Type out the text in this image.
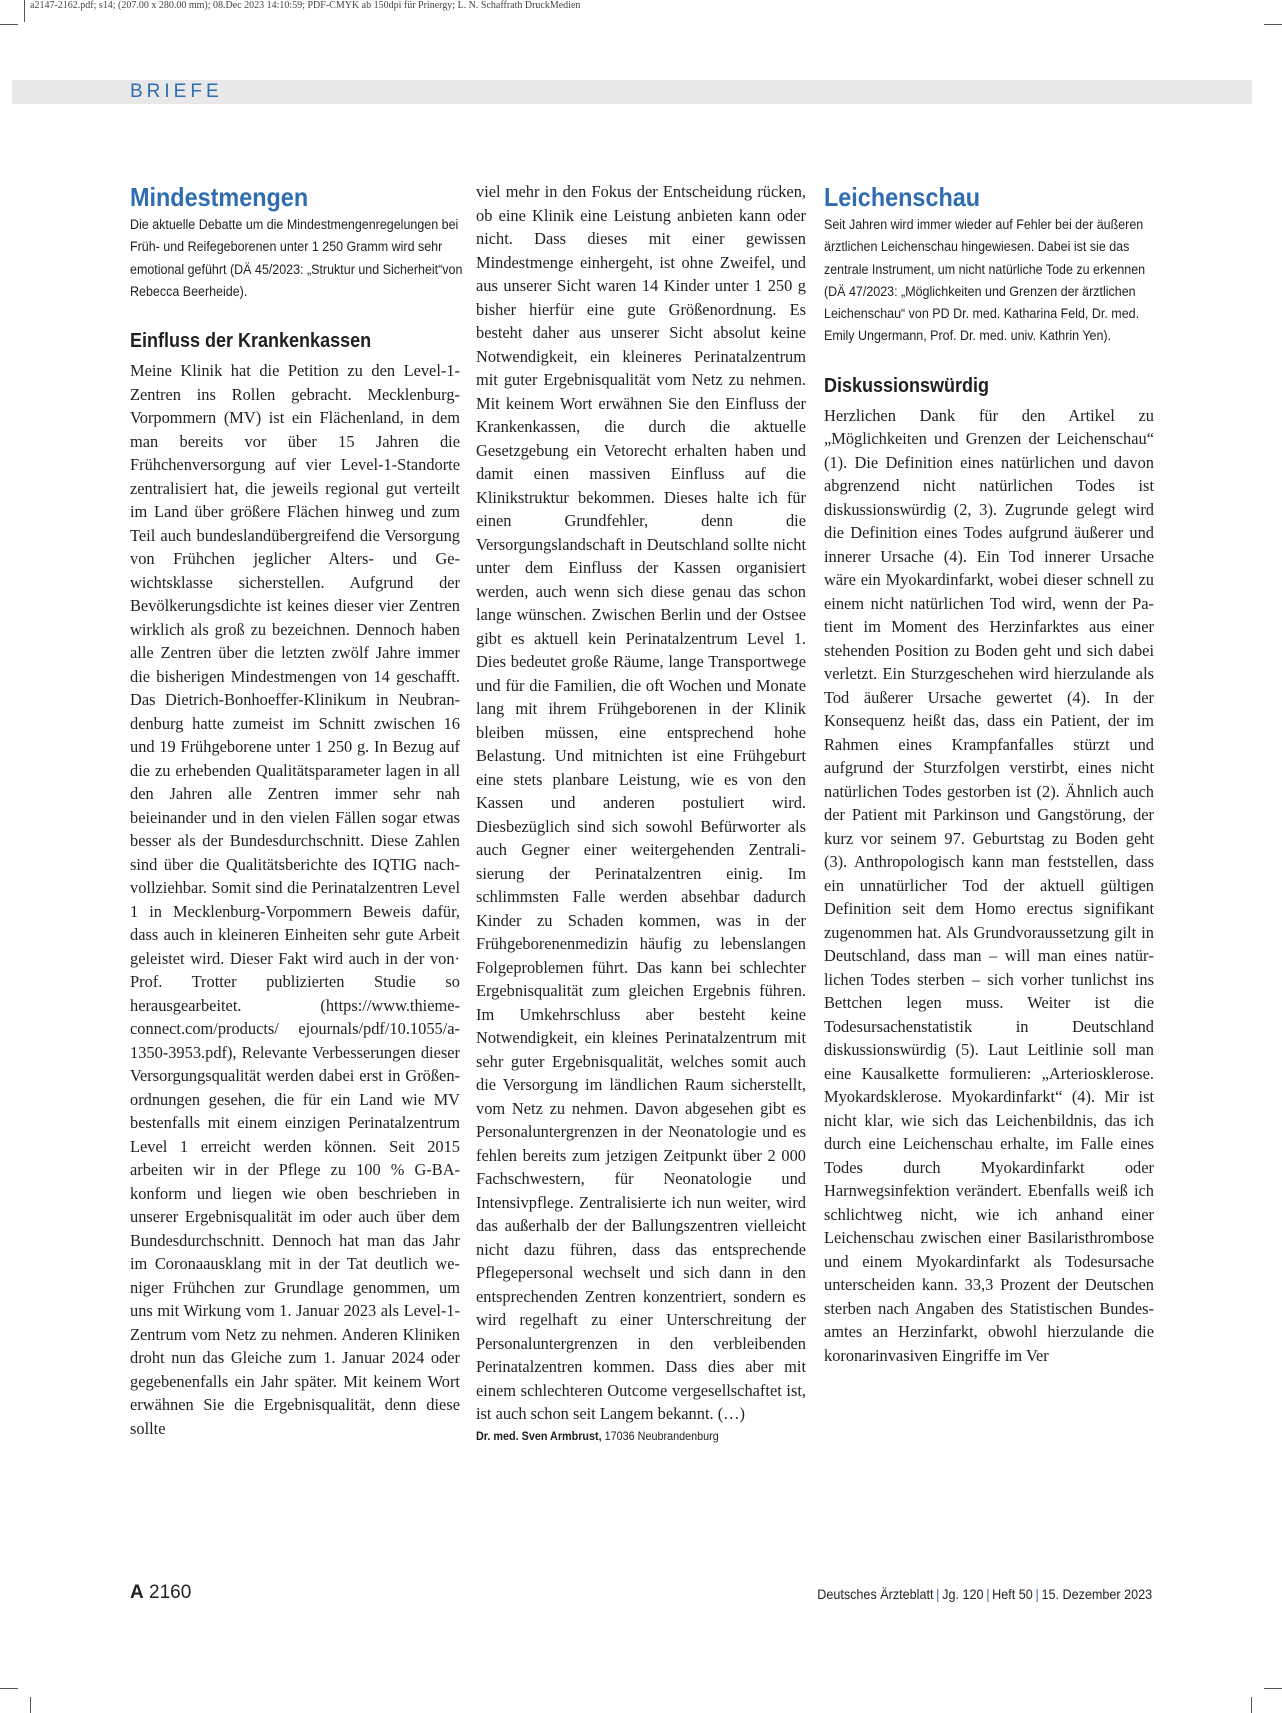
a2147-2162.pdf; s14; (207.00 x 280.00 mm); 08.Dec 2023 14:10:59; PDF-CMYK ab 150dpi für Prinergy; L. N. Schaffrath DruckMedien
BRIEFE
Mindestmengen

Die aktuelle Debatte um die Mindestmengenregelungen bei Früh- und Reifegeborenen unter 1 250 Gramm wird sehr emotional geführt (DÄ 45/2023: „Struktur und Sicherheit“von Rebecca Beerheide).

Einfluss der Krankenkassen

Meine Klinik hat die Petition zu den Level-1-Zentren ins Rollen gebracht. Mecklenburg-Vorpommern (MV) ist ein Flächenland, in dem man bereits vor über 15 Jahren die Frühchenversorgung auf vier Level-1-Standorte zentralisiert hat, die jeweils regional gut verteilt im Land über größere Flächen hinweg und zum Teil auch bundeslandübergreifend die Versorgung von Frühchen jeglicher Alters- und Gewichtsklasse sicherstellen. Aufgrund der Bevölkerungsdichte ist keines dieser vier Zentren wirklich als groß zu bezeichnen. Dennoch haben alle Zentren über die letzten zwölf Jahre immer die bisherigen Mindestmengen von 14 geschafft. Das Dietrich-Bonhoeffer-Klinikum in Neubrandenburg hatte zumeist im Schnitt zwischen 16 und 19 Frühgeborene unter 1 250 g. In Bezug auf die zu erhebenden Qualitätsparameter lagen in all den Jahren alle Zentren immer sehr nah beieinander und in den vielen Fällen sogar etwas besser als der Bundesdurchschnitt. Diese Zahlen sind über die Qualitätsberichte des IQTIG nachvollziehbar. Somit sind die Perinatalzentren Level 1 in Mecklenburg-Vorpommern Beweis dafür, dass auch in kleineren Einheiten sehr gute Arbeit geleistet wird. Dieser Fakt wird auch in der von· Prof. Trotter publizierten Studie so herausgearbeitet. (https://www.thieme-connect.com/products/ ejournals/pdf/10.1055/a-1350-3953.pdf), Relevante Verbesserungen dieser Versorgungsqualität werden dabei erst in Größenordnungen gesehen, die für ein Land wie MV bestenfalls mit einem einzigen Perinatalzentrum Level 1 erreicht werden können. Seit 2015 arbeiten wir in der Pflege zu 100 % G-BA-konform und liegen wie oben beschrieben in unserer Ergebnisqualität im oder auch über dem Bundesdurchschnitt. Dennoch hat man das Jahr im Coronaausklang mit in der Tat deutlich weniger Frühchen zur Grundlage genommen, um uns mit Wirkung vom 1. Januar 2023 als Level-1-Zentrum vom Netz zu nehmen. Anderen Kliniken droht nun das Gleiche zum 1. Januar 2024 oder gegebenenfalls ein Jahr später. Mit keinem Wort erwähnen Sie die Ergebnisqualität, denn diese sollte

viel mehr in den Fokus der Entscheidung rücken, ob eine Klinik eine Leistung anbieten kann oder nicht. Dass dieses mit einer gewissen Mindestmenge einhergeht, ist ohne Zweifel, und aus unserer Sicht waren 14 Kinder unter 1 250 g bisher hierfür eine gute Größenordnung. Es besteht daher aus unserer Sicht absolut keine Notwendigkeit, ein kleineres Perinatalzentrum mit guter Ergebnisqualität vom Netz zu nehmen. Mit keinem Wort erwähnen Sie den Einfluss der Krankenkassen, die durch die aktuelle Gesetzgebung ein Vetorecht erhalten haben und damit einen massiven Einfluss auf die Klinikstruktur bekommen. Dieses halte ich für einen Grundfehler, denn die Versorgungslandschaft in Deutschland sollte nicht unter dem Einfluss der Kassen organisiert werden, auch wenn sich diese genau das schon lange wünschen. Zwischen Berlin und der Ostsee gibt es aktuell kein Perinatalzentrum Level 1. Dies bedeutet große Räume, lange Transportwege und für die Familien, die oft Wochen und Monate lang mit ihrem Frühgeborenen in der Klinik bleiben müssen, eine entsprechend hohe Belastung. Und mitnichten ist eine Frühgeburt eine stets planbare Leistung, wie es von den Kassen und anderen postuliert wird. Diesbezüglich sind sich sowohl Befürworter als auch Gegner einer weitergehenden Zentralisierung der Perinatalzentren einig. Im schlimmsten Falle werden absehbar dadurch Kinder zu Schaden kommen, was in der Frühgeborenenmedizin häufig zu lebenslangen Folgeproblemen führt. Das kann bei schlechter Ergebnisqualität zum gleichen Ergebnis führen. Im Umkehrschluss aber besteht keine Notwendigkeit, ein kleines Perinatalzentrum mit sehr guter Ergebnisqualität, welches somit auch die Versorgung im ländlichen Raum sicherstellt, vom Netz zu nehmen. Davon abgesehen gibt es Personaluntergrenzen in der Neonatologie und es fehlen bereits zum jetzigen Zeitpunkt über 2 000 Fachschwestern, für Neonatologie und Intensivpflege. Zentralisierte ich nun weiter, wird das außerhalb der der Ballungszentren vielleicht nicht dazu führen, dass das entsprechende Pflegepersonal wechselt und sich dann in den entsprechenden Zentren konzentriert, sondern es wird regelhaft zu einer Unterschreitung der Personaluntergrenzen in den verbleibenden Perinatalzentren kommen. Dass dies aber mit einem schlechteren Outcome vergesellschaftet ist, ist auch schon seit Langem bekannt. (…)

Dr. med. Sven Armbrust, 17036 Neubrandenburg

Leichenschau

Seit Jahren wird immer wieder auf Fehler bei der äußeren ärztlichen Leichenschau hingewiesen. Dabei ist sie das zentrale Instrument, um nicht natürliche Tode zu erkennen (DÄ 47/2023: „Möglichkeiten und Grenzen der ärztlichen Leichenschau“ von PD Dr. med. Katharina Feld, Dr. med. Emily Ungermann, Prof. Dr. med. univ. Kathrin Yen).

Diskussionswürdig

Herzlichen Dank für den Artikel zu „Möglichkeiten und Grenzen der Leichenschau“ (1). Die Definition eines natürlichen und davon abgrenzend nicht natürlichen Todes ist diskussionswürdig (2, 3). Zugrunde gelegt wird die Definition eines Todes aufgrund äußerer und innerer Ursache (4). Ein Tod innerer Ursache wäre ein Myokardinfarkt, wobei dieser schnell zu einem nicht natürlichen Tod wird, wenn der Patient im Moment des Herzinfarktes aus einer stehenden Position zu Boden geht und sich dabei verletzt. Ein Sturzgeschehen wird hierzulande als Tod äußerer Ursache gewertet (4). In der Konsequenz heißt das, dass ein Patient, der im Rahmen eines Krampfanfalles stürzt und aufgrund der Sturzfolgen verstirbt, eines nicht natürlichen Todes gestorben ist (2). Ähnlich auch der Patient mit Parkinson und Gangstörung, der kurz vor seinem 97. Geburtstag zu Boden geht (3). Anthropologisch kann man feststellen, dass ein unnatürlicher Tod der aktuell gültigen Definition seit dem Homo erectus signifikant zugenommen hat. Als Grundvoraussetzung gilt in Deutschland, dass man – will man eines natürlichen Todes sterben – sich vorher tunlichst ins Bettchen legen muss. Weiter ist die Todesursachenstatistik in Deutschland diskussionswürdig (5). Laut Leitlinie soll man eine Kausalkette formulieren: „Arteriosklerose. Myokardsklerose. Myokardinfarkt“ (4). Mir ist nicht klar, wie sich das Leichenbildnis, das ich durch eine Leichenschau erhalte, im Falle eines Todes durch Myokardinfarkt oder Harnwegsinfektion verändert. Ebenfalls weiß ich schlichtweg nicht, wie ich anhand einer Leichenschau zwischen einer Basilaristhrombose und einem Myokardinfarkt als Todesursache unterscheiden kann. 33,3 Prozent der Deutschen sterben nach Angaben des Statistischen Bundesamtes an Herzinfarkt, obwohl hierzulande die koronarinvasiven Eingriffe im Ver

A 2160	Deutsches Ärzteblatt | Jg. 120 | Heft 50 | 15. Dezember 2023
